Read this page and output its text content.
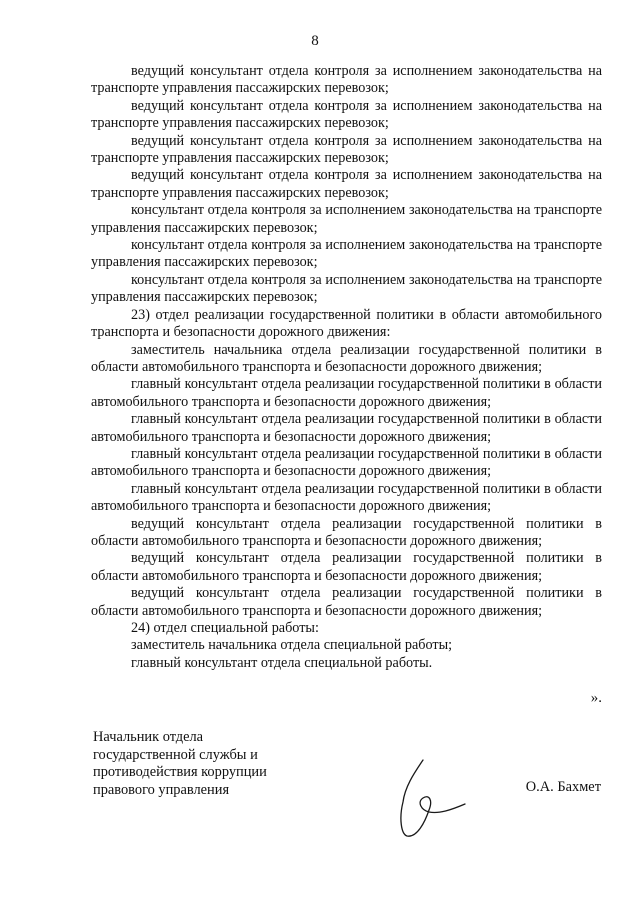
8

ведущий консультант отдела контроля за исполнением законодательства на транспорте управления пассажирских перевозок;

ведущий консультант отдела контроля за исполнением законодательства на транспорте управления пассажирских перевозок;

ведущий консультант отдела контроля за исполнением законодательства на транспорте управления пассажирских перевозок;

ведущий консультант отдела контроля за исполнением законодательства на транспорте управления пассажирских перевозок;

консультант отдела контроля за исполнением законодательства на транспорте управления пассажирских перевозок;

консультант отдела контроля за исполнением законодательства на транспорте управления пассажирских перевозок;

консультант отдела контроля за исполнением законодательства на транспорте управления пассажирских перевозок;

23) отдел реализации государственной политики в области автомобильного транспорта и безопасности дорожного движения:

заместитель начальника отдела реализации государственной политики в области автомобильного транспорта и безопасности дорожного движения;

главный консультант отдела реализации государственной политики в области автомобильного транспорта и безопасности дорожного движения;

главный консультант отдела реализации государственной политики в области автомобильного транспорта и безопасности дорожного движения;

главный консультант отдела реализации государственной политики в области автомобильного транспорта и безопасности дорожного движения;

главный консультант отдела реализации государственной политики в области автомобильного транспорта и безопасности дорожного движения;

ведущий консультант отдела реализации государственной политики в области автомобильного транспорта и безопасности дорожного движения;

ведущий консультант отдела реализации государственной политики в области автомобильного транспорта и безопасности дорожного движения;

ведущий консультант отдела реализации государственной политики в области автомобильного транспорта и безопасности дорожного движения;

24) отдел специальной работы:

заместитель начальника отдела специальной работы;

главный консультант отдела специальной работы.

».
Начальник отдела
государственной службы и
противодействия коррупции
правового управления	О.А. Бахмет
